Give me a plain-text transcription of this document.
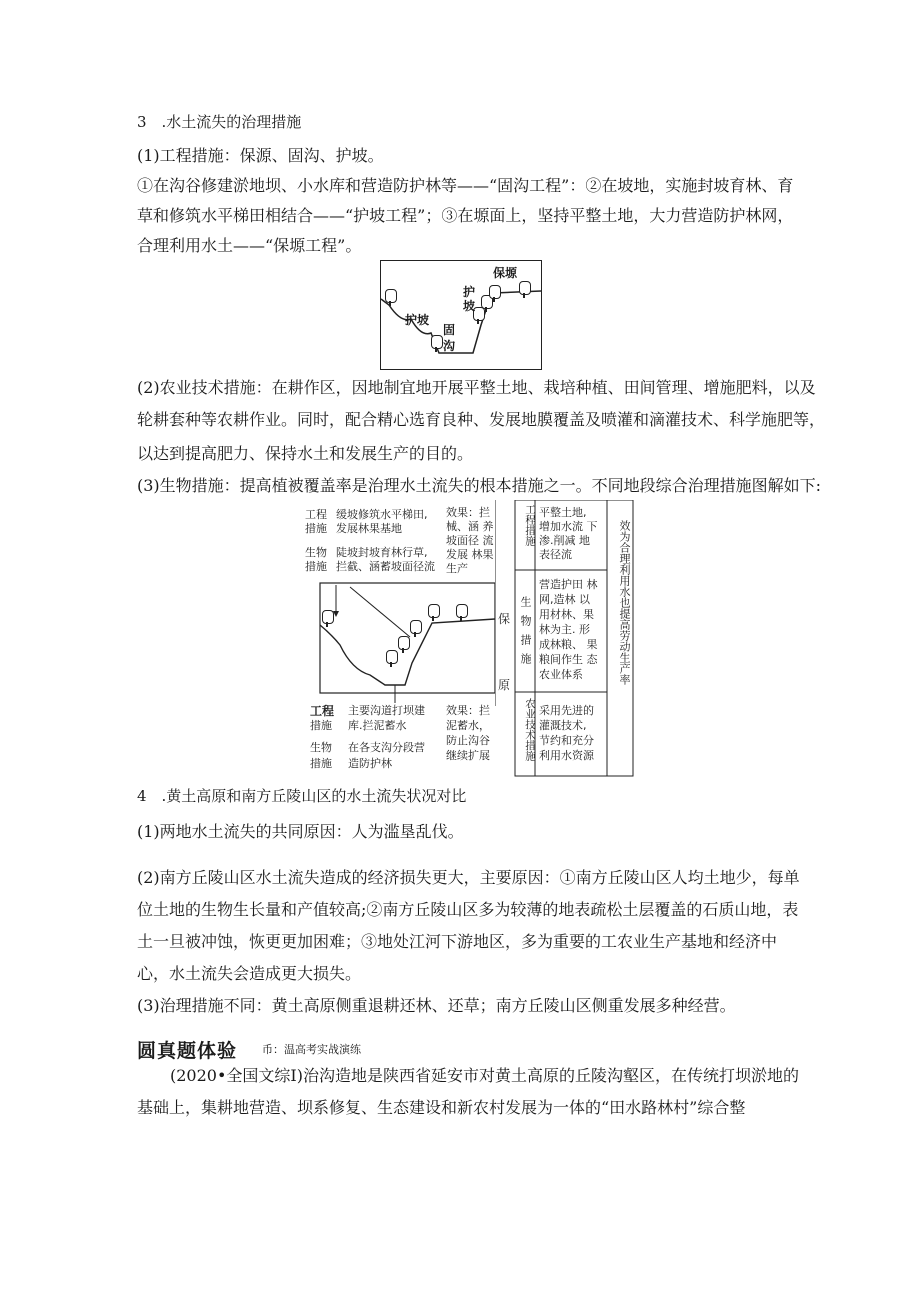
3　.水土流失的治理措施
(1)工程措施：保源、固沟、护坡。
①在沟谷修建淤地坝、小水库和营造防护林等——“固沟工程”：②在坡地，实施封坡育林、育
草和修筑水平梯田相结合——“护坡工程”；③在塬面上，坚持平整土地，大力营造防护林网，
合理利用水土——“保塬工程”。
保塬
护坡
护
坡
固
沟
(2)农业技术措施：在耕作区，因地制宜地开展平整土地、栽培种植、田间管理、增施肥料，以及
轮耕套种等农耕作业。同时，配合精心选育良种、发展地膜覆盖及喷灌和滴灌技术、科学施肥等，
以达到提高肥力、保持水土和发展生产的目的。
(3)生物措施：提高植被覆盖率是治理水土流失的根本措施之一。不同地段综合治理措施图解如下:
工程
措施
缓坡修筑水平梯田,
发展林果基地
生物
措施
陡坡封坡育林行草,
拦截、涵蓄坡面径流
效果：拦
械、涵 养
坡面径 流
发展 林果
生产
工程
措施
主要沟道打坝建
库.拦泥蓄水
生物
措施
在各支沟分段营
造防护林
效果：拦
泥蓄水，
防止沟谷
继续扩展
保
原
工程措施 平整土地,
增加水流 下
渗.削减 地
表径流
生物措施
营造护田 林
网,造林 以
用材林、果
林为主. 形
成林粮、 果
粮间作生 态
农业体系
农业技术措施 采用先进的
灌溉技术,
节约和充分
利用水资源
效为合理利用水也提高劳动生产率
4　.黄土高原和南方丘陵山区的水土流失状况对比
(1)两地水土流失的共同原因：人为滥垦乱伐。
(2)南方丘陵山区水土流失造成的经济损失更大，主要原因：①南方丘陵山区人均土地少，每单
位土地的生物生长量和产值较高;②南方丘陵山区多为较薄的地表疏松土层覆盖的石质山地，表
土一旦被冲蚀，恢更更加困难；③地处江河下游地区，多为重要的工农业生产基地和经济中
心，水土流失会造成更大损失。
(3)治理措施不同：黄土高原侧重退耕还林、还草；南方丘陵山区侧重发展多种经营。
圆真题体验 币：温高考实战演练
(2020•全国文综Ⅰ)治沟造地是陕西省延安市对黄土高原的丘陵沟壑区，在传统打坝淤地的
基础上，集耕地营造、坝系修复、生态建设和新农村发展为一体的“田水路林村”综合整
